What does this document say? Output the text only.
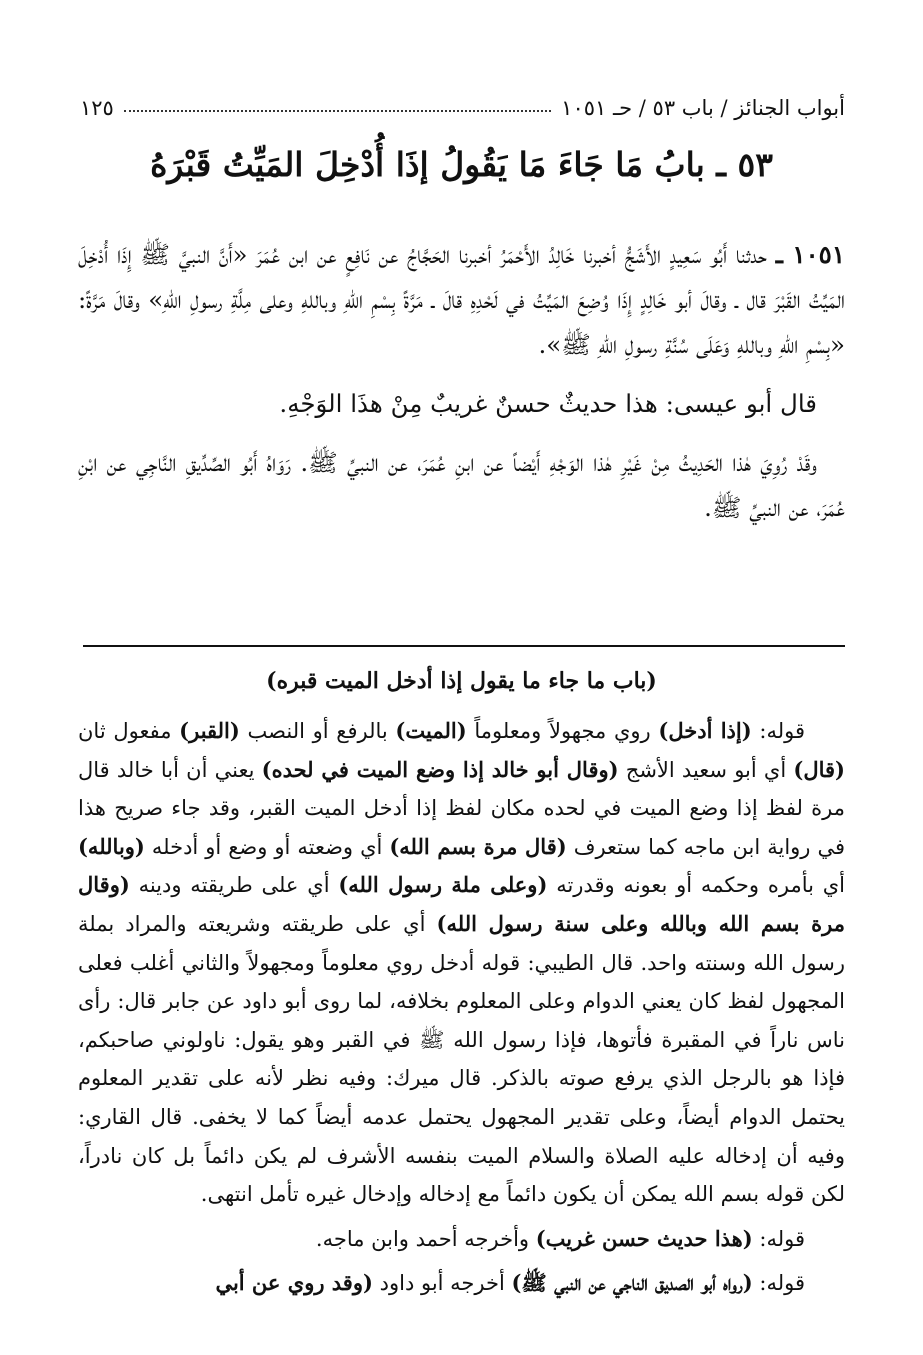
أبواب الجنائز / باب ٥٣ / حـ ١٠٥١
١٢٥
٥٣ ـ بابُ مَا جَاءَ مَا يَقُولُ إذَا أُدْخِلَ المَيِّتُ قَبْرَهُ

١٠٥١ ـ حدثنا أَبُو سَعِيدٍ الأَشَجُّ أخبرنا خَالِدُ الأَحْمَرُ أخبرنا الحَجَّاجُ عن نَافِعٍ عن ابن عُمَرَ «أَنَّ النبيَّ ﷺ إِذَا أُدْخِلَ المَيِّتُ القَبْرَ قال ـ وقالَ أبو خَالِدٍ إِذَا وُضِعَ المَيِّتُ في لَحْدِهِ قالَ ـ مَرَّةً بِسْمِ اللهِ وباللهِ وعلى مِلَّةِ رسولِ اللهِ» وقالَ مَرَّةً: «بِسْمِ اللهِ وباللهِ وَعَلَى سُنَّةِ رسولِ اللهِ ﷺ».

قال أبو عيسى: هذا حديثٌ حسنٌ غريبٌ مِنْ هذَا الوَجْهِ.

وقَدْ رُوِيَ هٰذا الحَدِيثُ مِنْ غَيْرِ هٰذا الوَجْهِ أَيْضاً عن ابنِ عُمَرَ، عن النبيِّ ﷺ. رَوَاهُ أَبُو الصِّدِّيقِ النَّاجِي عن ابْنِ عُمَرَ، عن النبيِّ ﷺ.

(باب ما جاء ما يقول إذا أدخل الميت قبره)

قوله: (إذا أدخل) روي مجهولاً ومعلوماً (الميت) بالرفع أو النصب (القبر) مفعول ثان (قال) أي أبو سعيد الأشج (وقال أبو خالد إذا وضع الميت في لحده) يعني أن أبا خالد قال مرة لفظ إذا وضع الميت في لحده مكان لفظ إذا أدخل الميت القبر، وقد جاء صريح هذا في رواية ابن ماجه كما ستعرف (قال مرة بسم الله) أي وضعته أو وضع أو أدخله (وبالله) أي بأمره وحكمه أو بعونه وقدرته (وعلى ملة رسول الله) أي على طريقته ودينه (وقال مرة بسم الله وبالله وعلى سنة رسول الله) أي على طريقته وشريعته والمراد بملة رسول الله وسنته واحد. قال الطيبي: قوله أدخل روي معلوماً ومجهولاً والثاني أغلب فعلى المجهول لفظ كان يعني الدوام وعلى المعلوم بخلافه، لما روى أبو داود عن جابر قال: رأى ناس ناراً في المقبرة فأتوها، فإذا رسول الله ﷺ في القبر وهو يقول: ناولوني صاحبكم، فإذا هو بالرجل الذي يرفع صوته بالذكر. قال ميرك: وفيه نظر لأنه على تقدير المعلوم يحتمل الدوام أيضاً، وعلى تقدير المجهول يحتمل عدمه أيضاً كما لا يخفى. قال القاري: وفيه أن إدخاله عليه الصلاة والسلام الميت بنفسه الأشرف لم يكن دائماً بل كان نادراً، لكن قوله بسم الله يمكن أن يكون دائماً مع إدخاله وإدخال غيره تأمل انتهى.

قوله: (هذا حديث حسن غريب) وأخرجه أحمد وابن ماجه.

قوله: (رواه أبو الصديق الناجي عن النبي ﷺ) أخرجه أبو داود (وقد روي عن أبي
